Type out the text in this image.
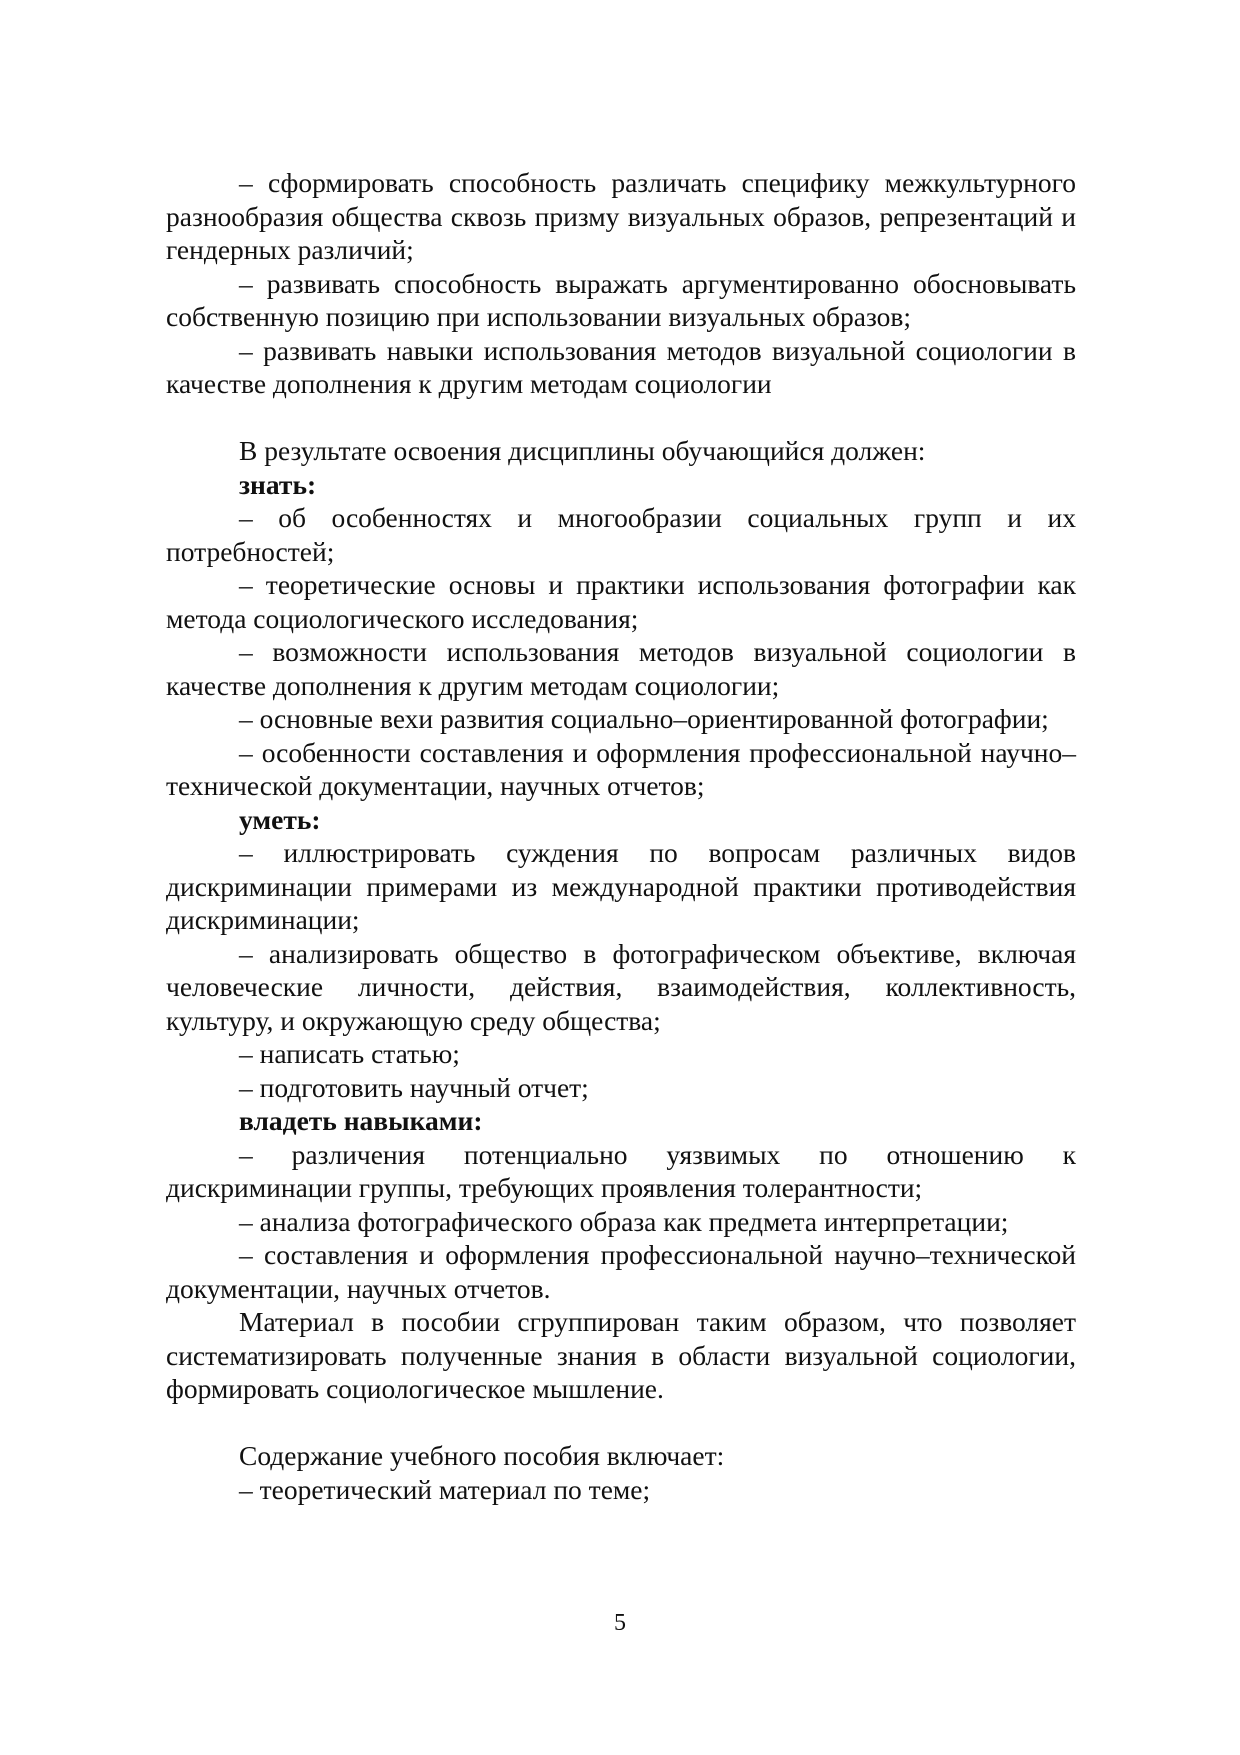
– сформировать способность различать специфику межкультурного разнообразия общества сквозь призму визуальных образов, репрезентаций и гендерных различий;

– развивать способность выражать аргументированно обосновывать собственную позицию при использовании визуальных образов;

– развивать навыки использования методов визуальной социологии в качестве дополнения к другим методам социологии

В результате освоения дисциплины обучающийся должен:

знать:

– об особенностях и многообразии социальных групп и их потребностей;

– теоретические основы и практики использования фотографии как метода социологического исследования;

– возможности использования методов визуальной социологии в качестве дополнения к другим методам социологии;

– основные вехи развития социально–ориентированной фотографии;

– особенности составления и оформления профессиональной научно–технической документации, научных отчетов;

уметь:

– иллюстрировать суждения по вопросам различных видов дискриминации примерами из международной практики противодействия дискриминации;

– анализировать общество в фотографическом объективе, включая человеческие личности, действия, взаимодействия, коллективность, культуру, и окружающую среду общества;

– написать статью;

– подготовить научный отчет;

владеть навыками:

– различения потенциально уязвимых по отношению к дискриминации группы, требующих проявления толерантности;

– анализа фотографического образа как предмета интерпретации;

– составления и оформления профессиональной научно–технической документации, научных отчетов.

Материал в пособии сгруппирован таким образом, что позволяет систематизировать полученные знания в области визуальной социологии, формировать социологическое мышление.

Содержание учебного пособия включает:

– теоретический материал по теме;

5
